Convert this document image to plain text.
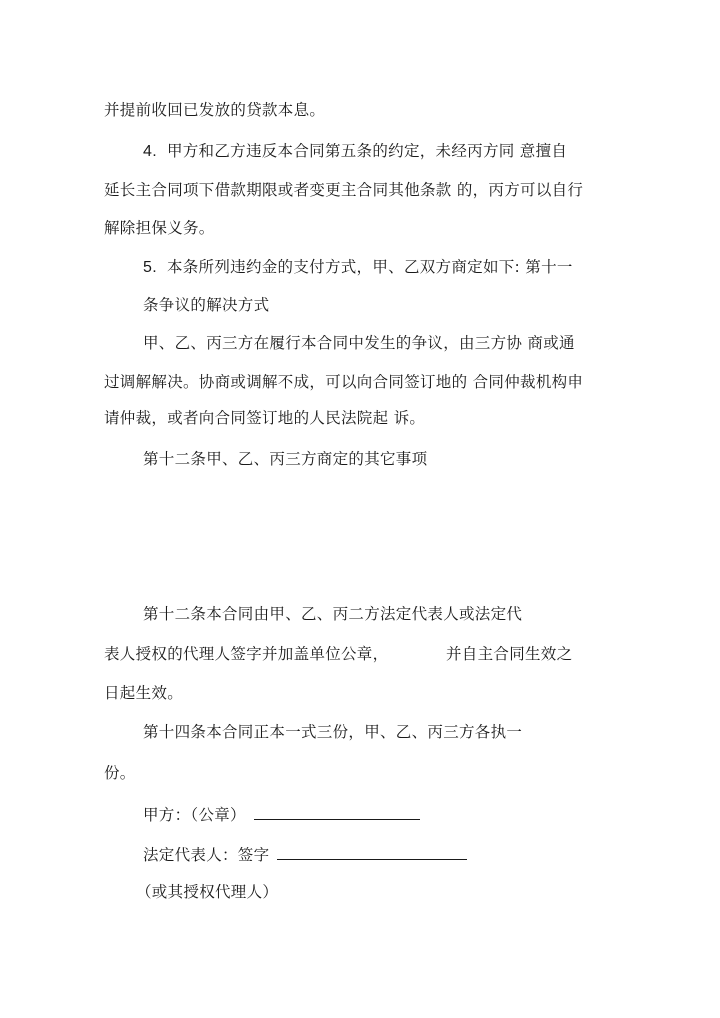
并提前收回已发放的贷款本息。
4. 甲方和乙方违反本合同第五条的约定，未经丙方同 意擅自
延长主合同项下借款期限或者变更主合同其他条款 的，丙方可以自行
解除担保义务。
5. 本条所列违约金的支付方式，甲、乙双方商定如下: 第十一
条争议的解决方式
甲、乙、丙三方在履行本合同中发生的争议，由三方协 商或通
过调解解决。协商或调解不成，可以向合同签订地的 合同仲裁机构申
请仲裁，或者向合同签订地的人民法院起 诉。
第十二条甲、乙、丙三方商定的其它事项
第十二条本合同由甲、乙、丙二方法定代表人或法定代
表人授权的代理人签字并加盖单位公章，	并自主合同生效之
日起生效。
第十四条本合同正本一式三份，甲、乙、丙三方各执一
份。
甲方：（公章）
法定代表人：签字
（或其授权代理人）
